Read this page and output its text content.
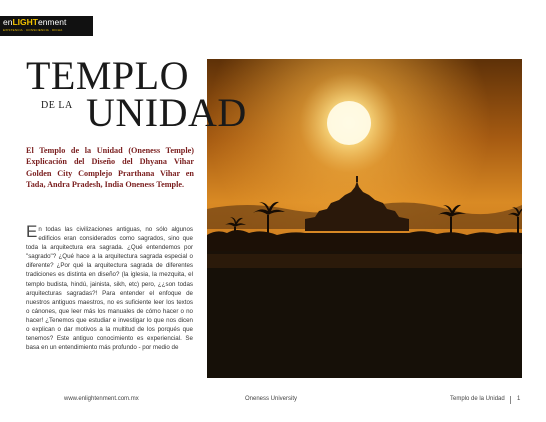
enLIGHTenment
EXISTENCIA · CONSCIENCIA · DICHA
TEMPLO
DE LA UNIDAD
El Templo de la Unidad (Oneness Temple) Explicación del Diseño del Dhyana Vihar Golden City Complejo Prarthana Vihar en Tada, Andra Pradesh, India Oneness Temple.

En todas las civilizaciones antiguas, no sólo algunos edificios eran considerados como sagrados, sino que toda la arquitectura era sagrada. ¿Qué entendemos por "sagrado"? ¿Qué hace a la arquitectura sagrada especial o diferente? ¿Por qué la arquitectura sagrada de diferentes tradiciones es distinta en diseño? (la iglesia, la mezquita, el templo budista, hindú, jainista, sikh, etc) pero, ¿¿son todas arquitecturas sagradas?! Para entender el enfoque de nuestros antiguos maestros, no es suficiente leer los textos o cánones, que leer más los manuales de cómo hacer o no hacer! ¿Tenemos que estudiar e investigar lo que nos dicen o explican o dar motivos a la multitud de los porqués que tenemos? Este antiguo conocimiento es experiencial. Se basa en un entendimiento más profundo - por medio de

www.enlightenment.com.mx	Oneness University	Templo de la Unidad 1
